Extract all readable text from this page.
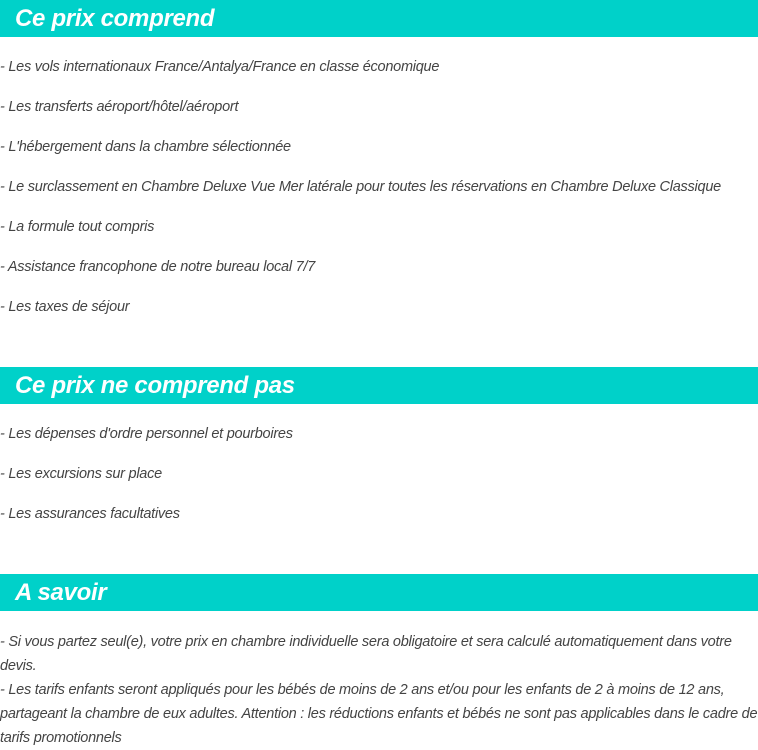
Ce prix comprend
- Les vols internationaux France/Antalya/France en classe économique
- Les transferts aéroport/hôtel/aéroport
- L'hébergement dans la chambre sélectionnée
- Le surclassement en Chambre Deluxe Vue Mer latérale pour toutes les réservations en Chambre Deluxe Classique
- La formule tout compris
- Assistance francophone de notre bureau local 7/7
- Les taxes de séjour
Ce prix ne comprend pas
- Les dépenses d'ordre personnel et pourboires
- Les excursions sur place
- Les assurances facultatives
A savoir

- Si vous partez seul(e), votre prix en chambre individuelle sera obligatoire et sera calculé automatiquement dans votre devis.

- Les tarifs enfants seront appliqués pour les bébés de moins de 2 ans et/ou pour les enfants de 2 à moins de 12 ans, partageant la chambre de eux adultes. Attention : les réductions enfants et bébés ne sont pas applicables dans le cadre de tarifs promotionnels
